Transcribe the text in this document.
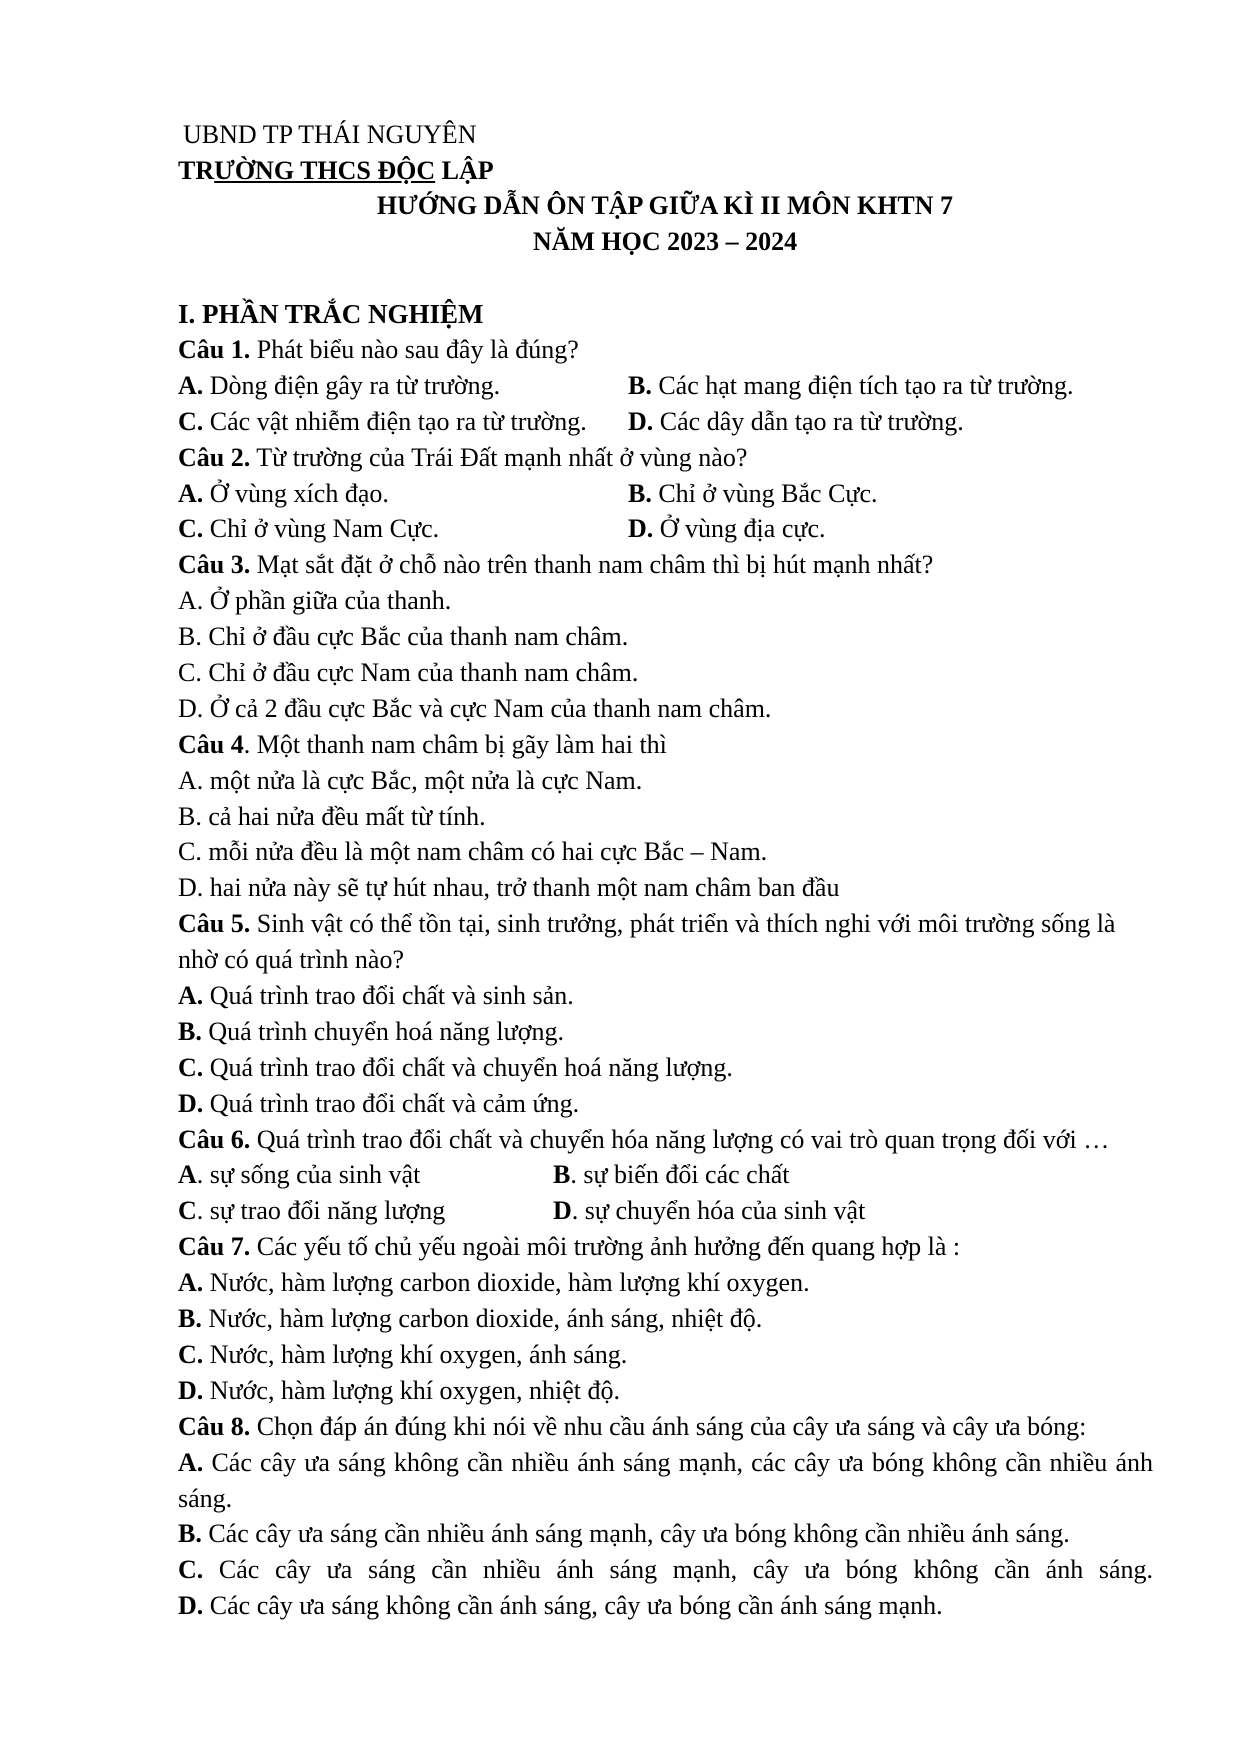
UBND TP THÁI NGUYÊN
TRƯỜNG THCS ĐỘC LẬP
HƯỚNG DẪN ÔN TẬP GIỮA KÌ II MÔN KHTN 7
NĂM HỌC 2023 – 2024
I. PHẦN TRẮC NGHIỆM
Câu 1. Phát biểu nào sau đây là đúng?
A. Dòng điện gây ra từ trường.	B. Các hạt mang điện tích tạo ra từ trường.
C. Các vật nhiễm điện tạo ra từ trường. D. Các dây dẫn tạo ra từ trường.
Câu 2. Từ trường của Trái Đất mạnh nhất ở vùng nào?
A. Ở vùng xích đạo.	B. Chỉ ở vùng Bắc Cực.
C. Chỉ ở vùng Nam Cực.	D. Ở vùng địa cực.
Câu 3. Mạt sắt đặt ở chỗ nào trên thanh nam châm thì bị hút mạnh nhất?
A. Ở phần giữa của thanh.
B. Chỉ ở đầu cực Bắc của thanh nam châm.
C. Chỉ ở đầu cực Nam của thanh nam châm.
D. Ở cả 2 đầu cực Bắc và cực Nam của thanh nam châm.
Câu 4. Một thanh nam châm bị gãy làm hai thì
A. một nửa là cực Bắc, một nửa là cực Nam.
B. cả hai nửa đều mất từ tính.
C. mỗi nửa đều là một nam châm có hai cực Bắc – Nam.
D. hai nửa này sẽ tự hút nhau, trở thanh một nam châm ban đầu
Câu 5. Sinh vật có thể tồn tại, sinh trưởng, phát triển và thích nghi với môi trường sống là
nhờ có quá trình nào?
A. Quá trình trao đổi chất và sinh sản.
B. Quá trình chuyển hoá năng lượng.
C. Quá trình trao đổi chất và chuyển hoá năng lượng.
D. Quá trình trao đổi chất và cảm ứng.
Câu 6. Quá trình trao đổi chất và chuyển hóa năng lượng có vai trò quan trọng đối với …
A. sự sống của sinh vật	B. sự biến đổi các chất
C. sự trao đổi năng lượng	D. sự chuyển hóa của sinh vật
Câu 7. Các yếu tố chủ yếu ngoài môi trường ảnh hưởng đến quang hợp là :
A. Nước, hàm lượng carbon dioxide, hàm lượng khí oxygen.
B. Nước, hàm lượng carbon dioxide, ánh sáng, nhiệt độ.
C. Nước, hàm lượng khí oxygen, ánh sáng.
D. Nước, hàm lượng khí oxygen, nhiệt độ.
Câu 8. Chọn đáp án đúng khi nói về nhu cầu ánh sáng của cây ưa sáng và cây ưa bóng:
A. Các cây ưa sáng không cần nhiều ánh sáng mạnh, các cây ưa bóng không cần nhiều ánh
sáng.
B. Các cây ưa sáng cần nhiều ánh sáng mạnh, cây ưa bóng không cần nhiều ánh sáng.
C. Các cây ưa sáng cần nhiều ánh sáng mạnh, cây ưa bóng không cần ánh sáng.
D. Các cây ưa sáng không cần ánh sáng, cây ưa bóng cần ánh sáng mạnh.
